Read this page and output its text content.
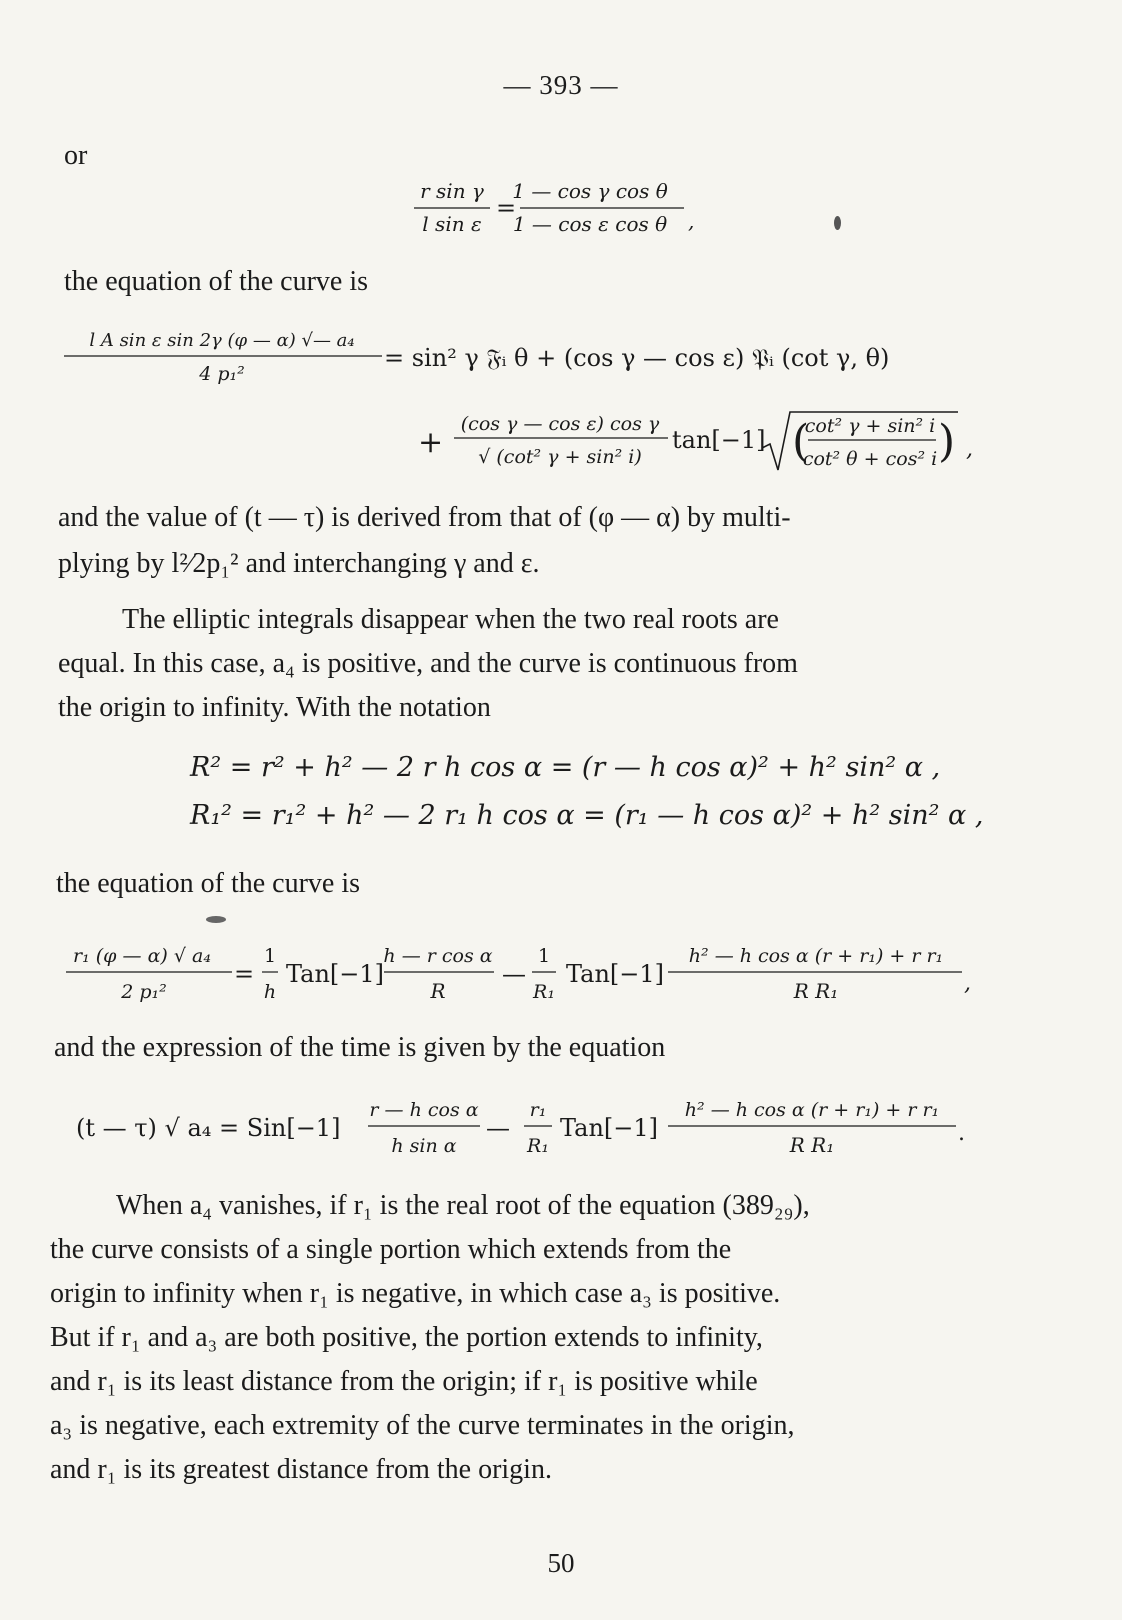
— 393 —
or
r sin γ
l sin ε
=
1 — cos γ cos θ
1 — cos ε cos θ ,
the equation of the curve is
l A sin ε sin 2γ (φ — α) √— a₄
4 p₁²
= sin² γ 𝔉ᵢ θ + (cos γ — cos ε) 𝔓ᵢ (cot γ, θ)
+
(cos γ — cos ε) cos γ
√ (cot² γ + sin² i)
tan[−1] (
cot² γ + sin² i
cot² θ + cos² i ) ,
and the value of (t — τ) is derived from that of (φ — α) by multi-
plying by l²⁄2p₁² and interchanging γ and ε.
The elliptic integrals disappear when the two real roots are
equal. In this case, a₄ is positive, and the curve is continuous from
the origin to infinity. With the notation
R² = r² + h² — 2 r h cos α = (r — h cos α)² + h² sin² α ,
R₁² = r₁² + h² — 2 r₁ h cos α = (r₁ — h cos α)² + h² sin² α ,
the equation of the curve is
r₁ (φ — α) √ a₄
2 p₁²
=
1
h
Tan[−1]
h — r cos α
R
—
1
R₁
Tan[−1]
h² — h cos α (r + r₁) + r r₁
R R₁	,
and the expression of the time is given by the equation
(t — τ) √ a₄ = Sin[−1]
r — h cos α
h sin α
—
r₁
R₁
Tan[−1]
h² — h cos α (r + r₁) + r r₁
R R₁	.
When a₄ vanishes, if r₁ is the real root of the equation (389₂₉),
the curve consists of a single portion which extends from the
origin to infinity when r₁ is negative, in which case a₃ is positive.
But if r₁ and a₃ are both positive, the portion extends to infinity,
and r₁ is its least distance from the origin; if r₁ is positive while
a₃ is negative, each extremity of the curve terminates in the origin,
and r₁ is its greatest distance from the origin.
50
